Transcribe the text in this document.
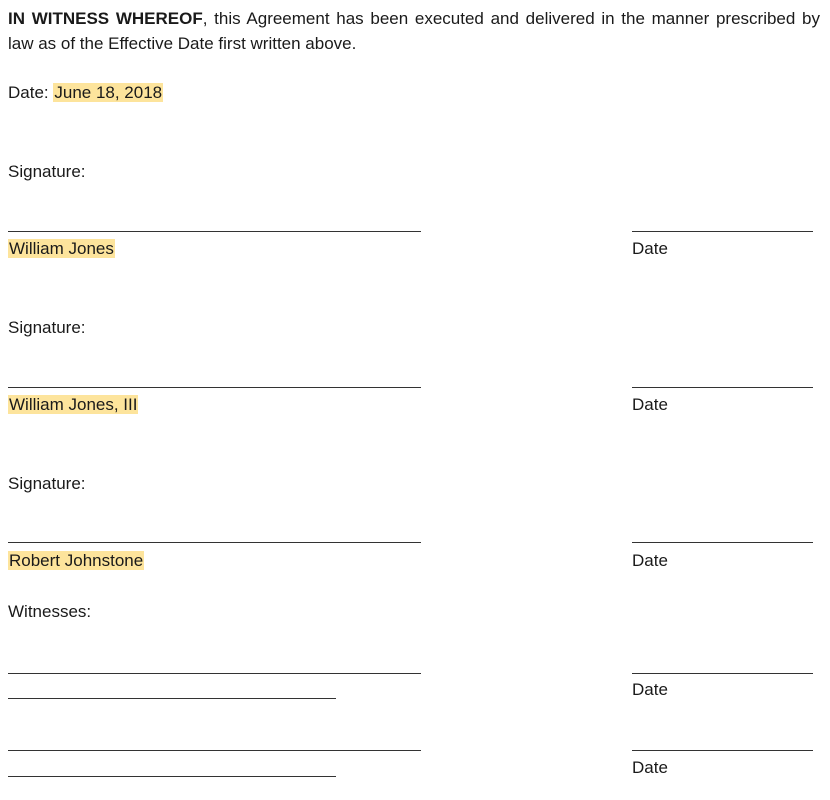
IN WITNESS WHEREOF, this Agreement has been executed and delivered in the manner prescribed by law as of the Effective Date first written above.
Date: June 18, 2018
Signature:
William Jones	Date
Signature:
William Jones, III	Date
Signature:
Robert Johnstone	Date
Witnesses:
Date
Date
